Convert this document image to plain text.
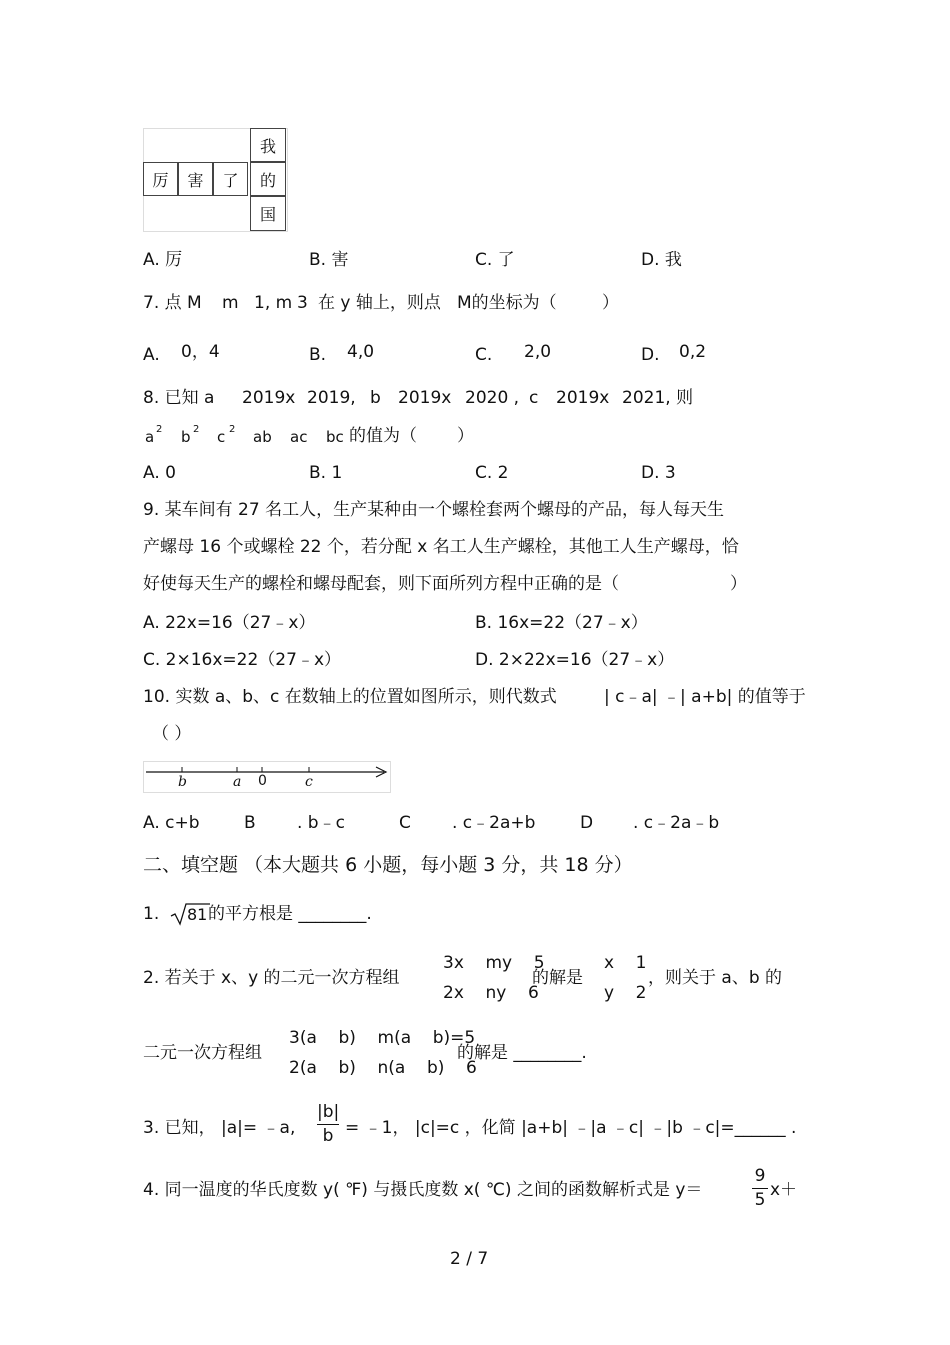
厉	害	了
我
的
国
A. 厉	B. 害	C. 了	D. 我
7. 点 M m 1, m 3 在 y 轴上，则点 M的坐标为（	）
A. 0，4	B. 4,0	C. 2,0	D. 0,2
8. 已知 a 2019x 2019, b 2019x 2020 , c 2019x 2021, 则
a 2 b 2 c 2 ab ac bc 的值为（ ）
A. 0	B. 1	C. 2	D. 3
9. 某车间有 27 名工人，生产某种由一个螺栓套两个螺母的产品，每人每天生
产螺母 16 个或螺栓 22 个，若分配 x 名工人生产螺栓，其他工人生产螺母，恰
好使每天生产的螺栓和螺母配套，则下面所列方程中正确的是（	）
A. 22x=16（27﹣x）	B. 16x=22（27﹣x）
C. 2×16x=22（27﹣x）	D. 2×22x=16（27﹣x）
10. 实数 a、b、c 在数轴上的位置如图所示，则代数式	| c﹣a| ﹣| a+b| 的值等于
（ ）
b	a 0	c
A. c+b	B . b﹣c	C . c﹣2a+b	D . c﹣2a﹣b
二、填空题 （本大题共 6 小题，每小题 3 分，共 18 分）
1. 81 的平方根是 ________.
2. 若关于 x、y 的二元一次方程组
3x    my    5
2x    ny    6
的解是
x    1
y    2
，则关于 a、b 的
二元一次方程组
3(a    b)    m(a    b)=5
2(a    b)    n(a    b)    6
的解是 ________.
3. 已知， |a|= ﹣a,
|b|
b = ﹣1， |c|=c ，化简 |a+b| ﹣|a ﹣c| ﹣|b ﹣c|=______ .
4. 同一温度的华氏度数 y( ℉) 与摄氏度数 x( ℃) 之间的函数解析式是 y＝
9
5 x＋
2 / 7
